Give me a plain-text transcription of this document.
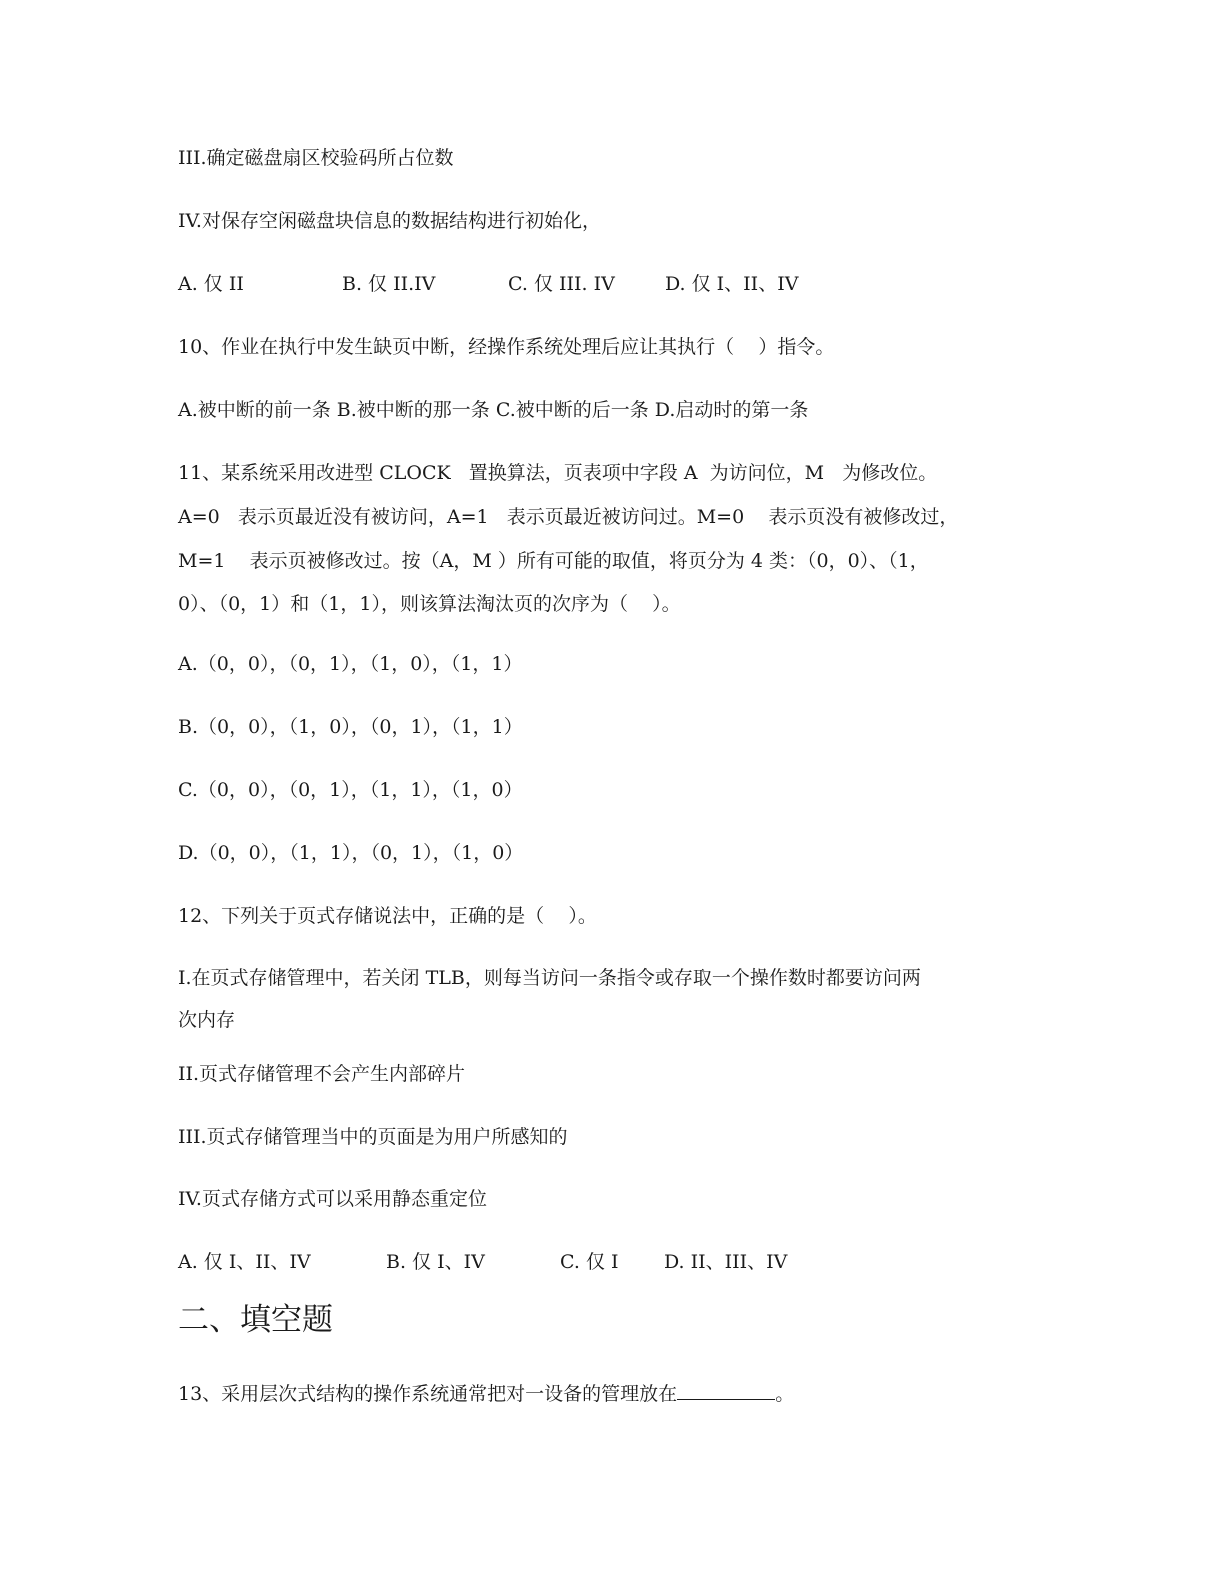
III.确定磁盘扇区校验码所占位数

IV.对保存空闲磁盘块信息的数据结构进行初始化，

A. 仅 II	B. 仅 II.IV	C. 仅 III. IV	D. 仅 I、II、IV

10、作业在执行中发生缺页中断，经操作系统处理后应让其执行（    ）指令。

A.被中断的前一条 B.被中断的那一条 C.被中断的后一条 D.启动时的第一条

11、某系统采用改进型 CLOCK   置换算法，页表项中字段 A  为访问位，M   为修改位。

A=0   表示页最近没有被访问，A=1   表示页最近被访问过。M=0    表示页没有被修改过，

M=1    表示页被修改过。按（A，M ）所有可能的取值，将页分为 4 类：（0，0）、（1，

0）、（0，1）和（1，1），则该算法淘汰页的次序为（    ）。

A.（0，0），（0，1），（1，0），（1，1）

B.（0，0），（1，0），（0，1），（1，1）

C.（0，0），（0，1），（1，1），（1，0）

D.（0，0），（1，1），（0，1），（1，0）

12、下列关于页式存储说法中，正确的是（    ）。

I.在页式存储管理中，若关闭 TLB，则每当访问一条指令或存取一个操作数时都要访问两

次内存

II.页式存储管理不会产生内部碎片

III.页式存储管理当中的页面是为用户所感知的

IV.页式存储方式可以采用静态重定位

A. 仅 I、II、IV	B. 仅 I、IV	C. 仅 I D. II、III、IV
二、填空题

13、采用层次式结构的操作系统通常把对一设备的管理放在	。
